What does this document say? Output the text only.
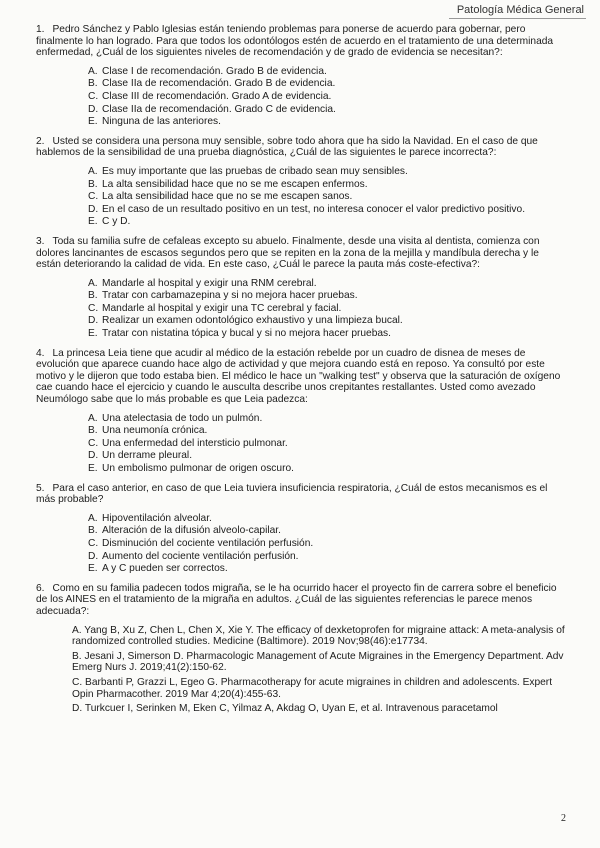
Patología Médica General
1. Pedro Sánchez y Pablo Iglesias están teniendo problemas para ponerse de acuerdo para gobernar, pero finalmente lo han logrado. Para que todos los odontólogos estén de acuerdo en el tratamiento de una determinada enfermedad, ¿Cuál de los siguientes niveles de recomendación y de grado de evidencia se necesitan?:
A. Clase I de recomendación. Grado B de evidencia.
B. Clase IIa de recomendación. Grado B de evidencia.
C. Clase III de recomendación. Grado A de evidencia.
D. Clase IIa de recomendación. Grado C de evidencia.
E. Ninguna de las anteriores.
2. Usted se considera una persona muy sensible, sobre todo ahora que ha sido la Navidad. En el caso de que hablemos de la sensibilidad de una prueba diagnóstica, ¿Cuál de las siguientes le parece incorrecta?:
A. Es muy importante que las pruebas de cribado sean muy sensibles.
B. La alta sensibilidad hace que no se me escapen enfermos.
C. La alta sensibilidad hace que no se me escapen sanos.
D. En el caso de un resultado positivo en un test, no interesa conocer el valor predictivo positivo.
E. C y D.
3. Toda su familia sufre de cefaleas excepto su abuelo. Finalmente, desde una visita al dentista, comienza con dolores lancinantes de escasos segundos pero que se repiten en la zona de la mejilla y mandíbula derecha y le están deteriorando la calidad de vida. En este caso, ¿Cuál le parece la pauta más coste-efectiva?:
A. Mandarle al hospital y exigir una RNM cerebral.
B. Tratar con carbamazepina y si no mejora hacer pruebas.
C. Mandarle al hospital y exigir una TC cerebral y facial.
D. Realizar un examen odontológico exhaustivo y una limpieza bucal.
E. Tratar con nistatina tópica y bucal y si no mejora hacer pruebas.
4. La princesa Leia tiene que acudir al médico de la estación rebelde por un cuadro de disnea de meses de evolución que aparece cuando hace algo de actividad y que mejora cuando está en reposo. Ya consultó por este motivo y le dijeron que todo estaba bien. El médico le hace un "walking test" y observa que la saturación de oxígeno cae cuando hace el ejercicio y cuando le ausculta describe unos crepitantes restallantes. Usted como avezado Neumólogo sabe que lo más probable es que Leia padezca:
A. Una atelectasia de todo un pulmón.
B. Una neumonía crónica.
C. Una enfermedad del intersticio pulmonar.
D. Un derrame pleural.
E. Un embolismo pulmonar de origen oscuro.
5. Para el caso anterior, en caso de que Leia tuviera insuficiencia respiratoria, ¿Cuál de estos mecanismos es el más probable?
A. Hipoventilación alveolar.
B. Alteración de la difusión alveolo-capilar.
C. Disminución del cociente ventilación perfusión.
D. Aumento del cociente ventilación perfusión.
E. A y C pueden ser correctos.
6. Como en su familia padecen todos migraña, se le ha ocurrido hacer el proyecto fin de carrera sobre el beneficio de los AINES en el tratamiento de la migraña en adultos. ¿Cuál de las siguientes referencias le parece menos adecuada?:
A. Yang B, Xu Z, Chen L, Chen X, Xie Y. The efficacy of dexketoprofen for migraine attack: A meta-analysis of randomized controlled studies. Medicine (Baltimore). 2019 Nov;98(46):e17734.
B. Jesani J, Simerson D. Pharmacologic Management of Acute Migraines in the Emergency Department. Adv Emerg Nurs J. 2019;41(2):150-62.
C. Barbanti P, Grazzi L, Egeo G. Pharmacotherapy for acute migraines in children and adolescents. Expert Opin Pharmacother. 2019 Mar 4;20(4):455-63.
D. Turkcuer I, Serinken M, Eken C, Yilmaz A, Akdag O, Uyan E, et al. Intravenous paracetamol
2
